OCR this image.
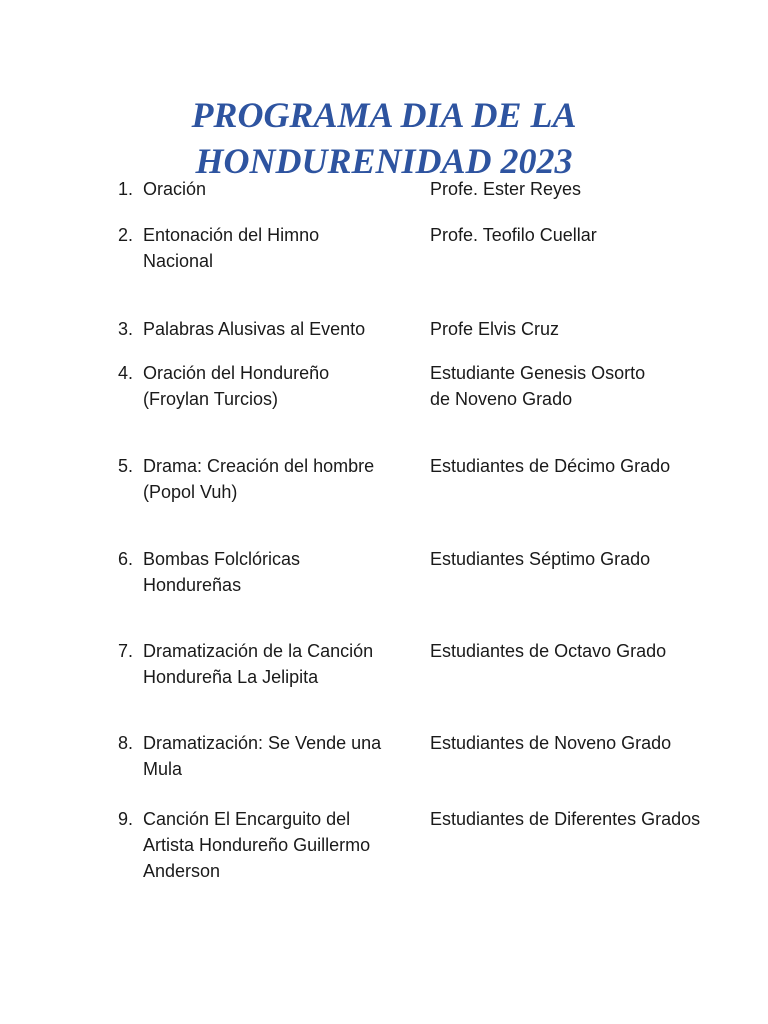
PROGRAMA DIA DE LA
HONDURENIDAD 2023
1. Oración	Profe. Ester Reyes
2. Entonación del Himno
Nacional
Profe. Teofilo Cuellar
3. Palabras Alusivas al Evento	Profe Elvis Cruz
4. Oración del Hondureño
(Froylan Turcios)
Estudiante Genesis Osorto
de Noveno Grado
5. Drama: Creación del hombre
(Popol Vuh)
Estudiantes de Décimo Grado
6. Bombas Folclóricas
Hondureñas
Estudiantes Séptimo Grado
7. Dramatización de la Canción
Hondureña La Jelipita
Estudiantes de Octavo Grado
8. Dramatización: Se Vende una
Mula
Estudiantes de Noveno Grado
9. Canción El Encarguito del
Artista Hondureño Guillermo
Anderson
Estudiantes de Diferentes Grados
